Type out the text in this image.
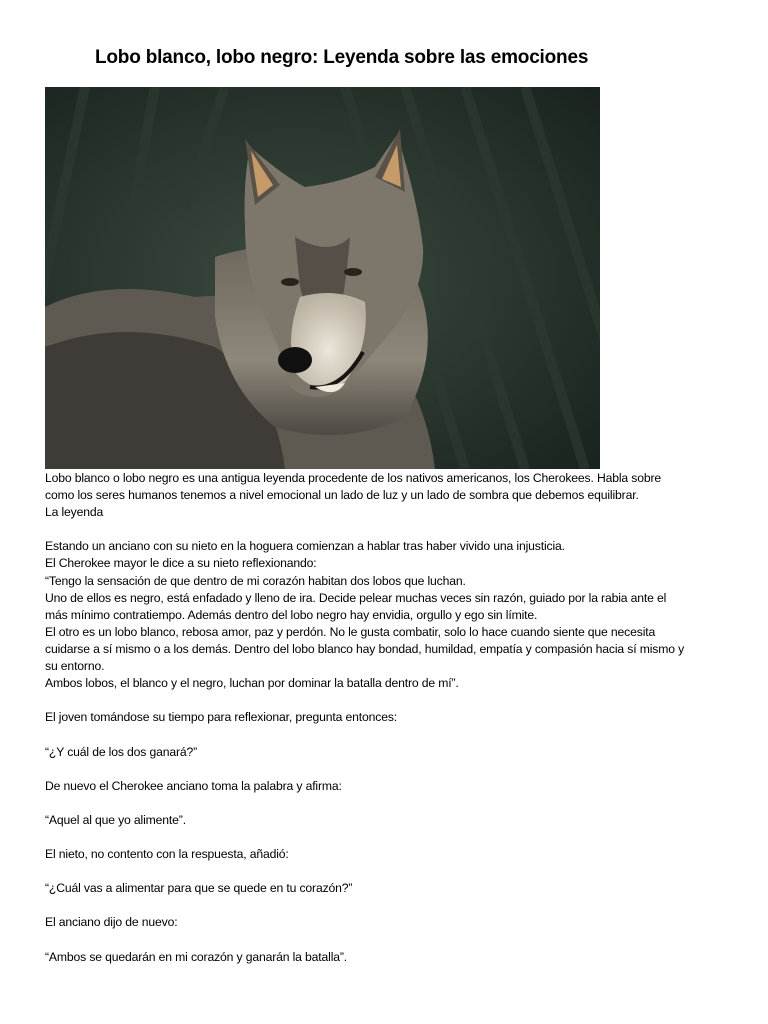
Lobo blanco, lobo negro: Leyenda sobre las emociones

Lobo blanco o lobo negro es una antigua leyenda procedente de los nativos americanos, los Cherokees. Habla sobre

como los seres humanos tenemos a nivel emocional un lado de luz y un lado de sombra que debemos equilibrar.

La leyenda

Estando un anciano con su nieto en la hoguera comienzan a hablar tras haber vivido una injusticia.

El Cherokee mayor le dice a su nieto reflexionando:

“Tengo la sensación de que dentro de mi corazón habitan dos lobos que luchan.

Uno de ellos es negro, está enfadado y lleno de ira. Decide pelear muchas veces sin razón, guiado por la rabia ante el

más mínimo contratiempo. Además dentro del lobo negro hay envidia, orgullo y ego sin límite.

El otro es un lobo blanco, rebosa amor, paz y perdón. No le gusta combatir, solo lo hace cuando siente que necesita

cuidarse a sí mismo o a los demás. Dentro del lobo blanco hay bondad, humildad, empatía y compasión hacia sí mismo y

su entorno.

Ambos lobos, el blanco y el negro, luchan por dominar la batalla dentro de mí”.

El joven tomándose su tiempo para reflexionar, pregunta entonces:

“¿Y cuál de los dos ganará?”

De nuevo el Cherokee anciano toma la palabra y afirma:

“Aquel al que yo alimente”.

El nieto, no contento con la respuesta, añadió:

“¿Cuál vas a alimentar para que se quede en tu corazón?”

El anciano dijo de nuevo:

“Ambos se quedarán en mi corazón y ganarán la batalla”.
